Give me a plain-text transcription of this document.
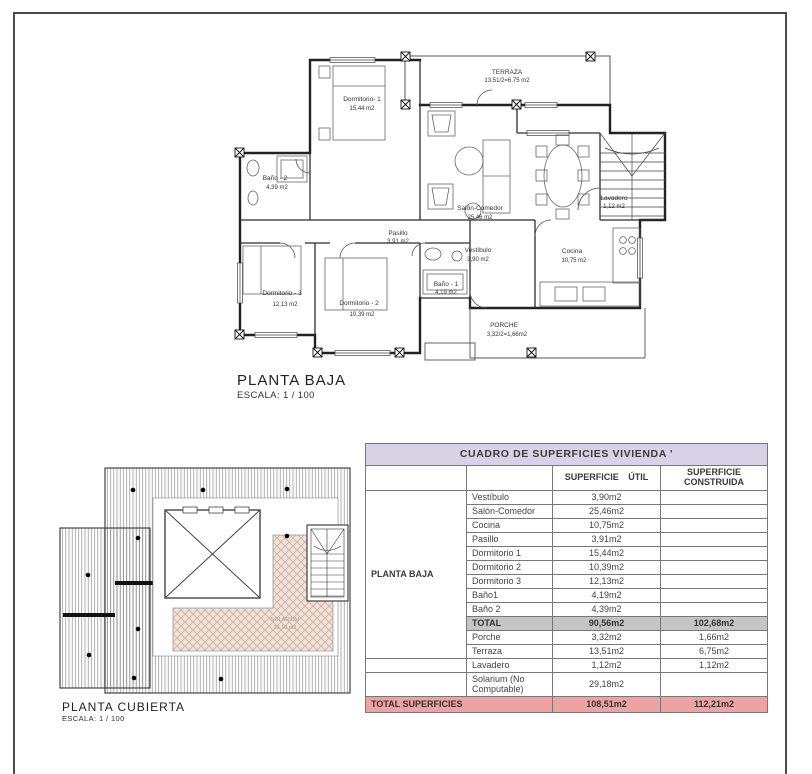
TERRAZA
13.51/2=6.75 m2
Dormitorio- 1
15,44 m2
Baño - 2
4,39 m2
Salón-Comedor
25,46 m2
Pasillo
3,91 m2
Vestíbulo
3,90 m2
Baño - 1
4,19 m2
Cocina
10,75 m2
Dormitorio - 3
12,13 m2	Dormitorio - 2
10,39 m2
Lavadero
1,12 m2
PORCHE
3,32/2=1,66m2
PLANTA BAJA
ESCALA: 1 / 100
SOLARIUM
29,18 m2
PLANTA CUBIERTA
ESCALA: 1 / 100
CUADRO DE SUPERFICIES VIVIENDA '			
		SUPERFICIE ÚTIL	SUPERFICIE CONSTRUIDA
PLANTA BAJA	Vestíbulo	3,90m2	
	Salón-Comedor	25,46m2	
	Cocina	10,75m2	
	Pasillo	3,91m2	
	Dormitorio 1	15,44m2	
	Dormitorio 2	10,39m2	
	Dormitorio 3	12,13m2	
	Baño1	4,19m2	
	Baño 2	4,39m2	
	TOTAL	90,56m2	102,68m2
	Porche	3,32m2	1,66m2
	Terraza	13,51m2	6,75m2
	Lavadero	1,12m2	1,12m2
	Solarium (No Computable)	29,18m2	
TOTAL SUPERFICIES		108,51m2	112,21m2
